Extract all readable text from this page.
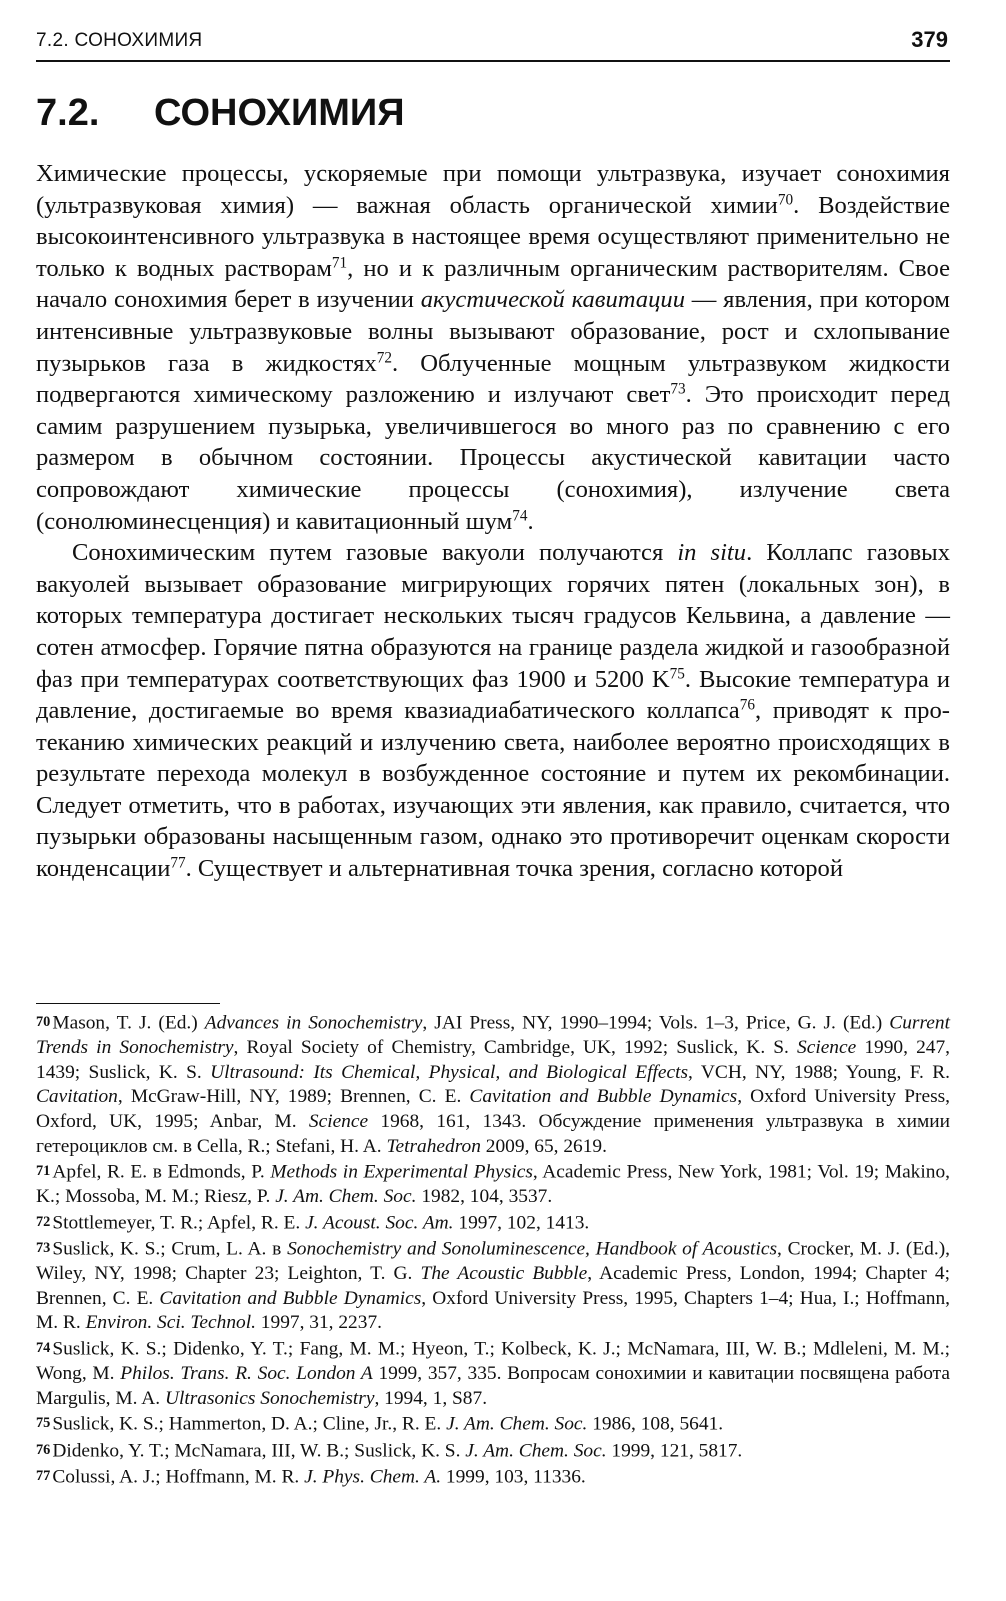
7.2. СОНОХИМИЯ	379
7.2. СОНОХИМИЯ

Химические процессы, ускоряемые при помощи ультразвука, изучает сонохимия (ультразвуковая химия) — важная область органической химии$^{70}$. Воздействие высокоинтенсивного ультразвука в настоящее время осуществляют применительно не только к водных растворам$^{71}$, но и к различным органическим растворителям. Свое начало сонохимия берет в изучении акустической кавитации — явления, при котором интенсивные ультразвуковые волны вызывают образование, рост и схлопывание пузырьков газа в жидкостях$^{72}$. Облученные мощным ультразвуком жидкости подвергаются химическому разложению и излучают свет$^{73}$. Это происходит перед самим разрушением пузырька, увеличившегося во много раз по сравнению с его размером в обычном состоянии. Процессы акустической кавитации часто сопровождают химические процессы (сонохимия), излучение света (сонолюминесценция) и кавитационный шум$^{74}$.

Сонохимическим путем газовые вакуоли получаются in situ. Коллапс газовых вакуолей вызывает образование мигрирующих горячих пятен (локальных зон), в которых температура достигает нескольких тысяч градусов Кельвина, а давление — сотен атмосфер. Горячие пятна образуются на границе раздела жидкой и газообразной фаз при температурах соответствующих фаз 1900 и 5200 $K^{75}$. Высокие температура и давление, достигаемые во время квазиадиабатического коллапса$^{76}$, приводят к протеканию химических реакций и излучению света, наиболее вероятно происходящих в результате перехода молекул в возбужденное состояние и путем их рекомбинации. Следует отметить, что в работах, изучающих эти явления, как правило, считается, что пузырьки образованы насыщенным газом, однако это противоречит оценкам скорости конденсации$^{77}$. Существует и альтернативная точка зрения, согласно которой

70 Mason, T. J. (Ed.) Advances in Sonochemistry, JAI Press, NY, 1990–1994; Vols. 1–3, Price, G. J. (Ed.) Current Trends in Sonochemistry, Royal Society of Chemistry, Cambridge, UK, 1992; Suslick, K. S. Science 1990, 247, 1439; Suslick, K. S. Ultrasound: Its Chemical, Physical, and Biological Effects, VCH, NY, 1988; Young, F. R. Cavitation, McGraw-Hill, NY, 1989; Brennen, C. E. Cavitation and Bubble Dynamics, Oxford University Press, Oxford, UK, 1995; Anbar, M. Science 1968, 161, 1343. Обсуждение применения ультразвука в химии гетероциклов см. в Cella, R.; Stefani, H. A. Tetrahedron 2009, 65, 2619.

71 Apfel, R. E. в Edmonds, P. Methods in Experimental Physics, Academic Press, New York, 1981; Vol. 19; Makino, K.; Mossoba, M. M.; Riesz, P. J. Am. Chem. Soc. 1982, 104, 3537.

72 Stottlemeyer, T. R.; Apfel, R. E. J. Acoust. Soc. Am. 1997, 102, 1413.

73 Suslick, K. S.; Crum, L. A. в Sonochemistry and Sonoluminescence, Handbook of Acoustics, Crocker, M. J. (Ed.), Wiley, NY, 1998; Chapter 23; Leighton, T. G. The Acoustic Bubble, Academic Press, London, 1994; Chapter 4; Brennen, C. E. Cavitation and Bubble Dynamics, Oxford University Press, 1995, Chapters 1–4; Hua, I.; Hoffmann, M. R. Environ. Sci. Technol. 1997, 31, 2237.

74 Suslick, K. S.; Didenko, Y. T.; Fang, M. M.; Hyeon, T.; Kolbeck, K. J.; McNamara, III, W. B.; Mdleleni, M. M.; Wong, M. Philos. Trans. R. Soc. London A 1999, 357, 335. Вопросам сонохимии и кавитации посвящена работа Margulis, M. A. Ultrasonics Sonochemistry, 1994, 1, S87.

75 Suslick, K. S.; Hammerton, D. A.; Cline, Jr., R. E. J. Am. Chem. Soc. 1986, 108, 5641.

76 Didenko, Y. T.; McNamara, III, W. B.; Suslick, K. S. J. Am. Chem. Soc. 1999, 121, 5817.

77 Colussi, A. J.; Hoffmann, M. R. J. Phys. Chem. A. 1999, 103, 11336.
